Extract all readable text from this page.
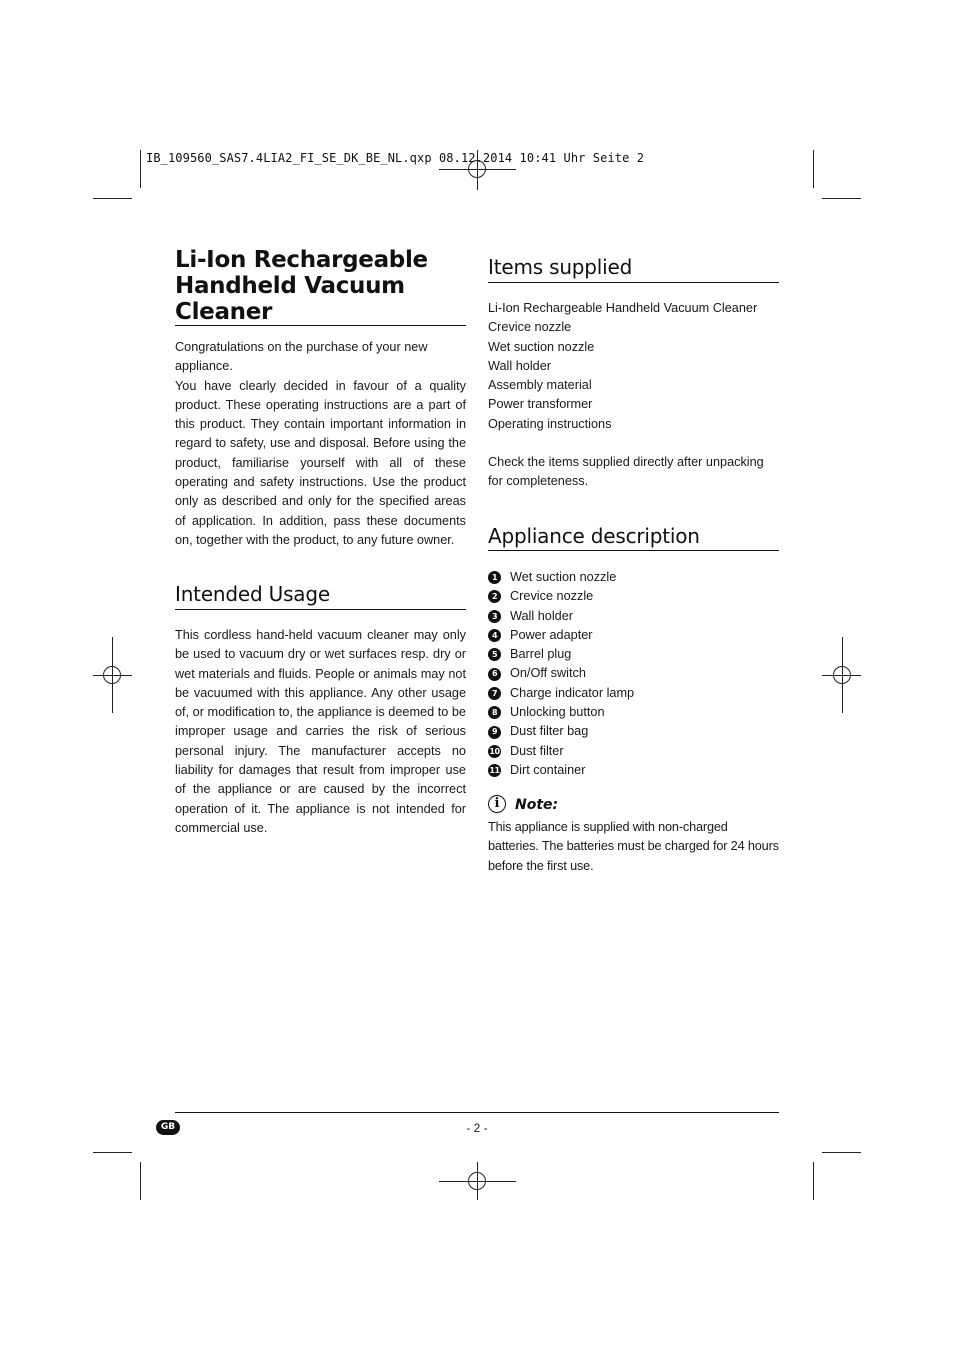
IB_109560_SAS7.4LIA2_FI_SE_DK_BE_NL.qxp 08.12.2014 10:41 Uhr Seite 2
Li-Ion Rechargeable Handheld Vacuum Cleaner

Congratulations on the purchase of your new appliance.

You have clearly decided in favour of a quality product. These operating instructions are a part of this product. They contain important information in regard to safety, use and disposal. Before using the product, familiarise yourself with all of these operating and safety instructions. Use the product only as described and only for the specified areas of application. In addition, pass these documents on, together with the product, to any future owner.

Intended Usage

This cordless hand-held vacuum cleaner may only be used to vacuum dry or wet surfaces resp. dry or wet materials and fluids. People or animals may not be vacuumed with this appliance. Any other usage of, or modification to, the appliance is deemed to be improper usage and carries the risk of serious personal injury. The manufacturer accepts no liability for damages that result from improper use of the appliance or are caused by the incorrect operation of it. The appliance is not intended for commercial use.

Items supplied
Li-Ion Rechargeable Handheld Vacuum Cleaner
Crevice nozzle
Wet suction nozzle
Wall holder
Assembly material
Power transformer
Operating instructions

Check the items supplied directly after unpacking for completeness.

Appliance description
1	Wet suction nozzle
2	Crevice nozzle
3	Wall holder
4	Power adapter
5	Barrel plug
6	On/Off switch
7	Charge indicator lamp
8	Unlocking button
9	Dust filter bag
10 Dust filter
11 Dirt container
i	Note:

This appliance is supplied with non-charged batteries. The batteries must be charged for 24 hours before the first use.

GB	- 2 -
